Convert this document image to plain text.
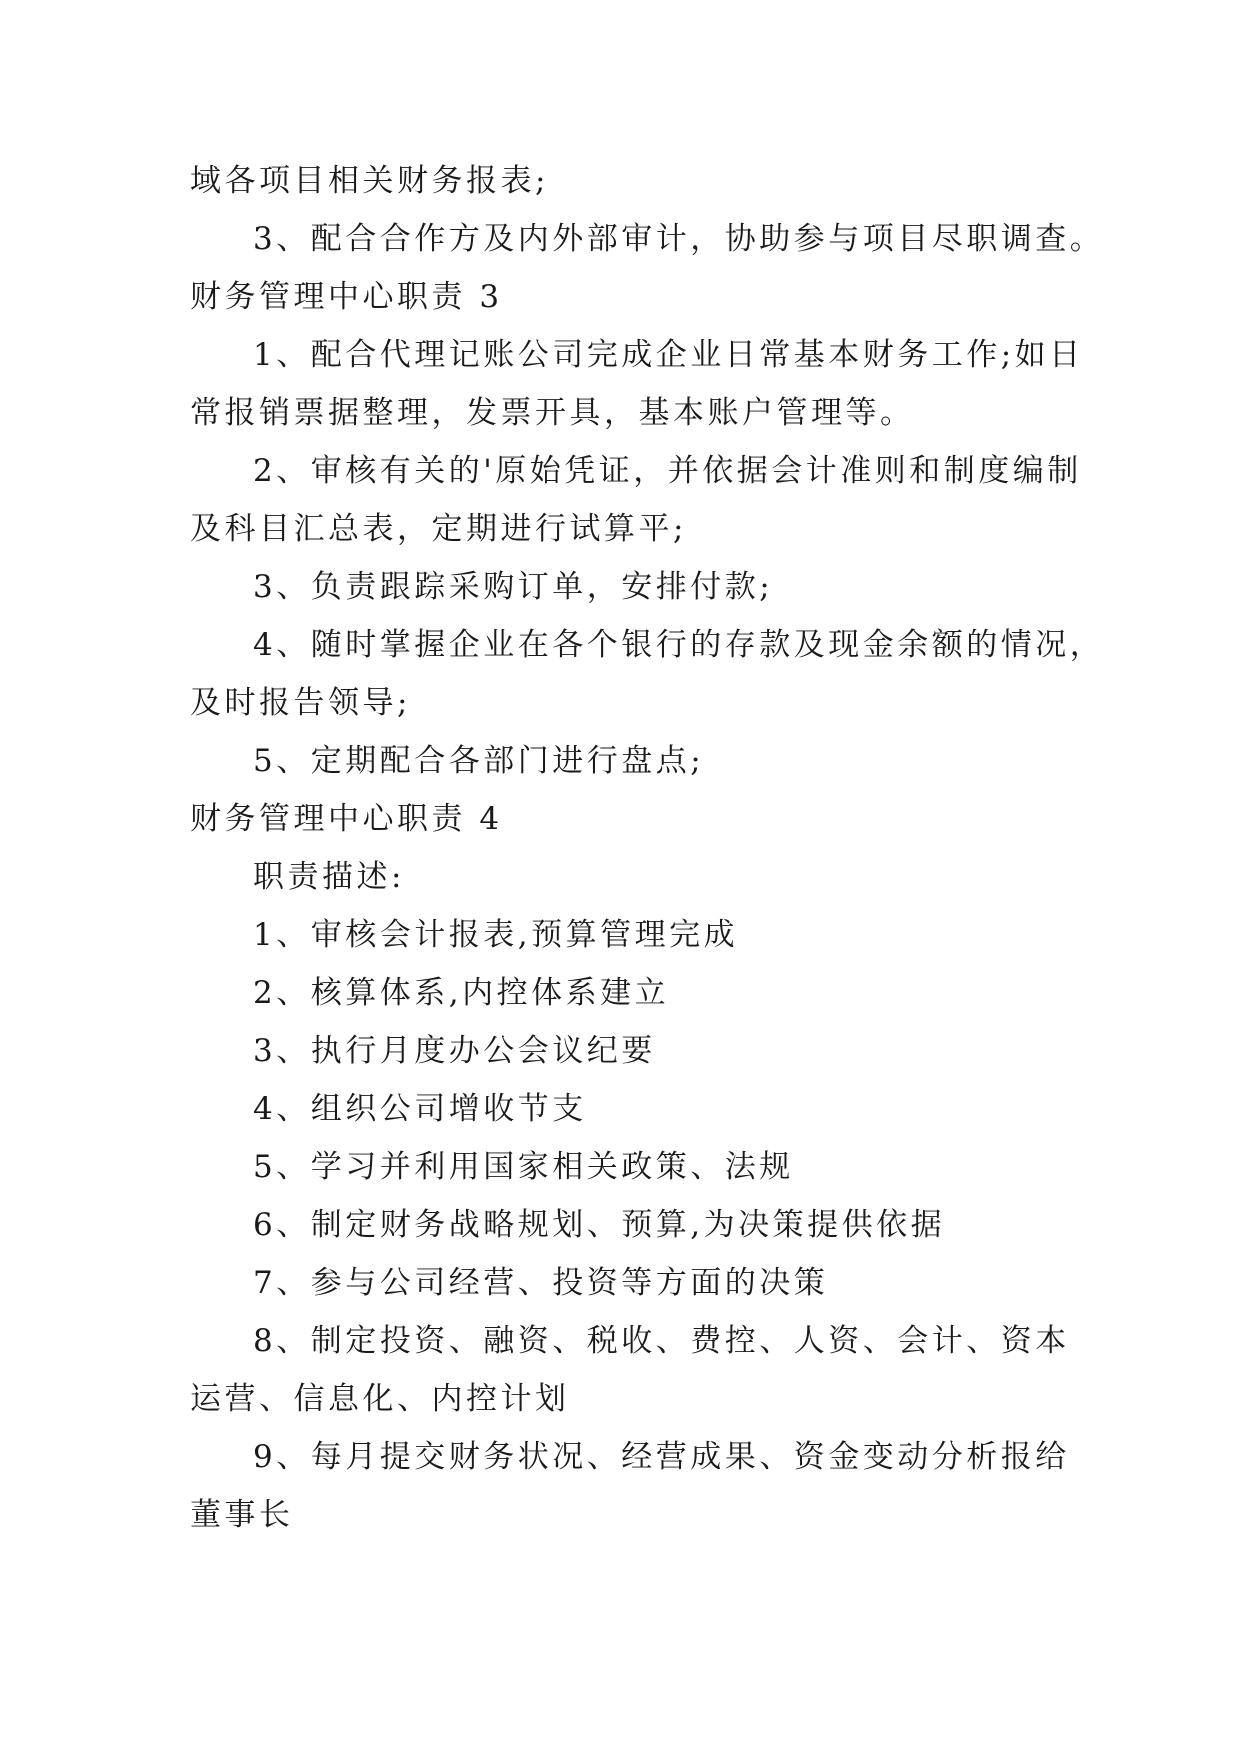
域各项目相关财务报表;

3、配合合作方及内外部审计，协助参与项目尽职调查。

财务管理中心职责 3

1、配合代理记账公司完成企业日常基本财务工作;如日

常报销票据整理，发票开具，基本账户管理等。

2、审核有关的'原始凭证，并依据会计准则和制度编制

及科目汇总表，定期进行试算平;

3、负责跟踪采购订单，安排付款;

4、随时掌握企业在各个银行的存款及现金余额的情况，

及时报告领导;

5、定期配合各部门进行盘点;

财务管理中心职责 4

职责描述:

1、审核会计报表,预算管理完成

2、核算体系,内控体系建立

3、执行月度办公会议纪要

4、组织公司增收节支

5、学习并利用国家相关政策、法规

6、制定财务战略规划、预算,为决策提供依据

7、参与公司经营、投资等方面的决策

8、制定投资、融资、税收、费控、人资、会计、资本

运营、信息化、内控计划

9、每月提交财务状况、经营成果、资金变动分析报给

董事长
